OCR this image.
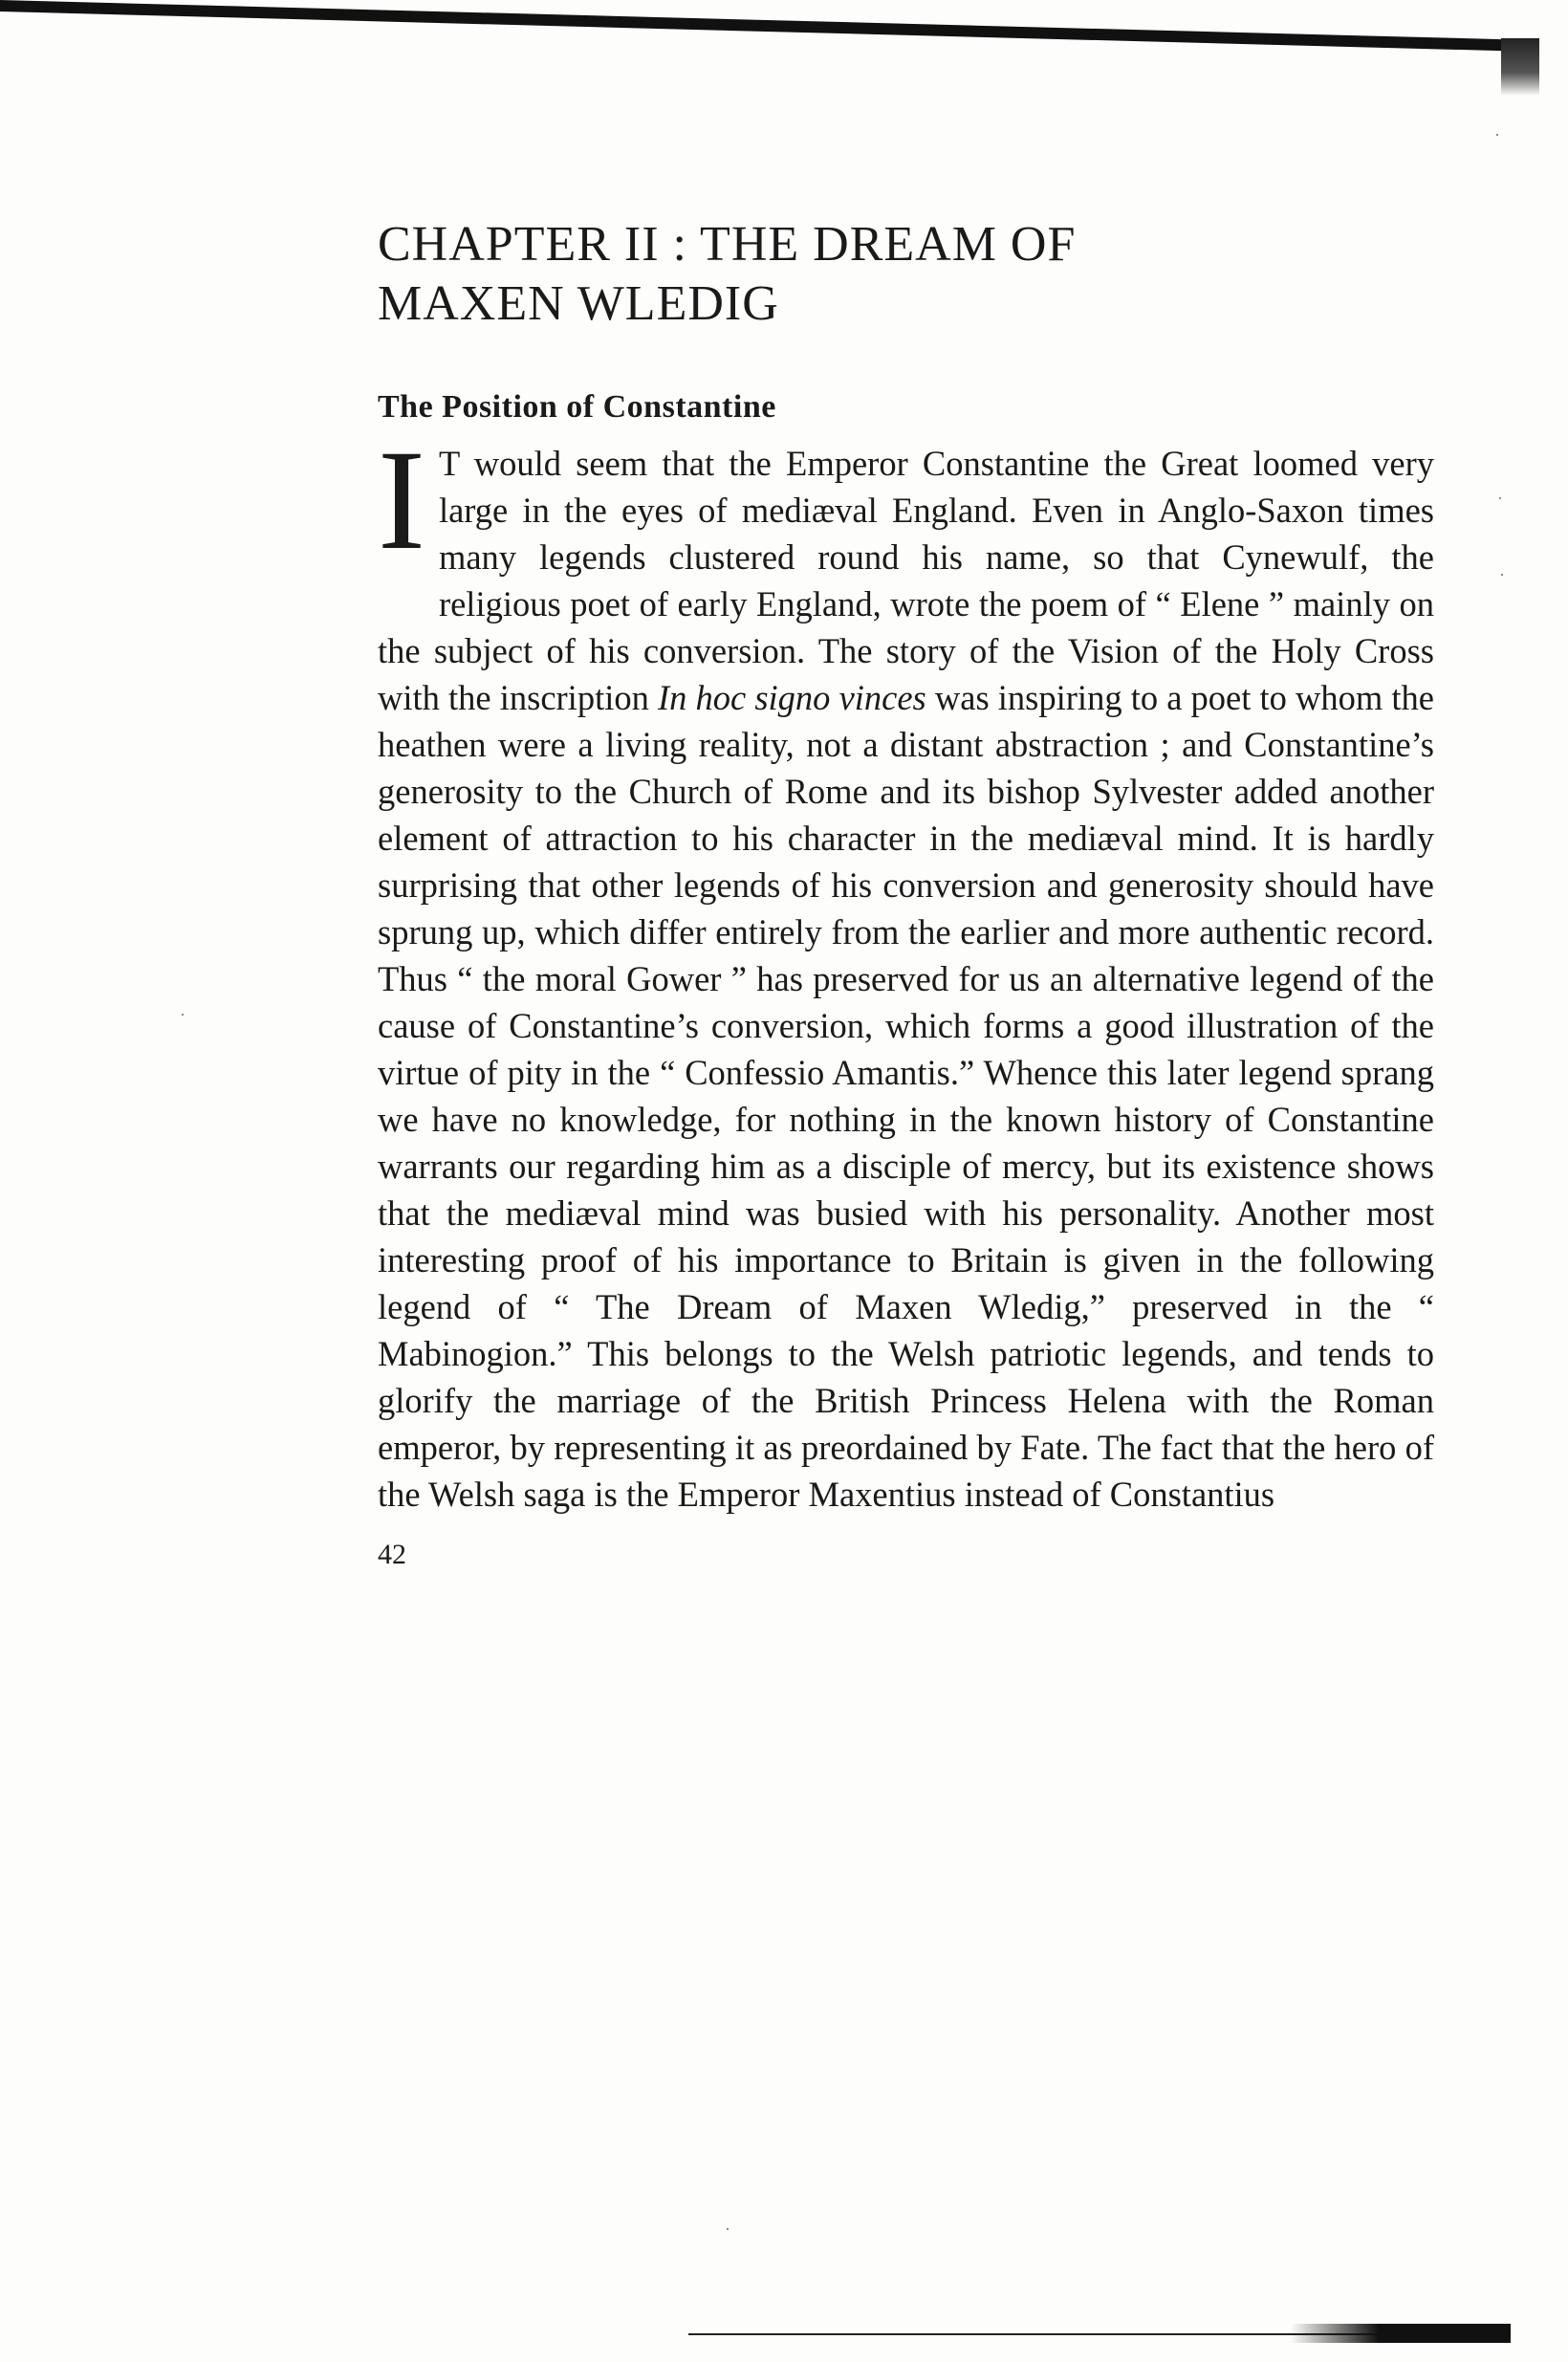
CHAPTER II : THE DREAM OF MAXEN WLEDIG
The Position of Constantine

I T would seem that the Emperor Constantine the Great loomed very large in the eyes of mediæval England. Even in Anglo-Saxon times many legends clustered round his name, so that Cynewulf, the religious poet of early England, wrote the poem of “ Elene ” mainly on the subject of his conversion. The story of the Vision of the Holy Cross with the inscription In hoc signo vinces was inspiring to a poet to whom the heathen were a living reality, not a distant abstraction ; and Constantine’s generosity to the Church of Rome and its bishop Sylvester added another element of attraction to his character in the mediæval mind. It is hardly surprising that other legends of his conversion and generosity should have sprung up, which differ entirely from the earlier and more authentic record. Thus “ the moral Gower ” has preserved for us an alternative legend of the cause of Constantine’s conversion, which forms a good illustration of the virtue of pity in the “ Confessio Amantis.” Whence this later legend sprang we have no knowledge, for nothing in the known history of Constantine warrants our regarding him as a disciple of mercy, but its existence shows that the mediæval mind was busied with his personality. Another most interesting proof of his importance to Britain is given in the following legend of “ The Dream of Maxen Wledig,” preserved in the “ Mabinogion.” This belongs to the Welsh patriotic legends, and tends to glorify the marriage of the British Princess Helena with the Roman emperor, by representing it as preordained by Fate. The fact that the hero of the Welsh saga is the Emperor Maxentius instead of Constantius

42
